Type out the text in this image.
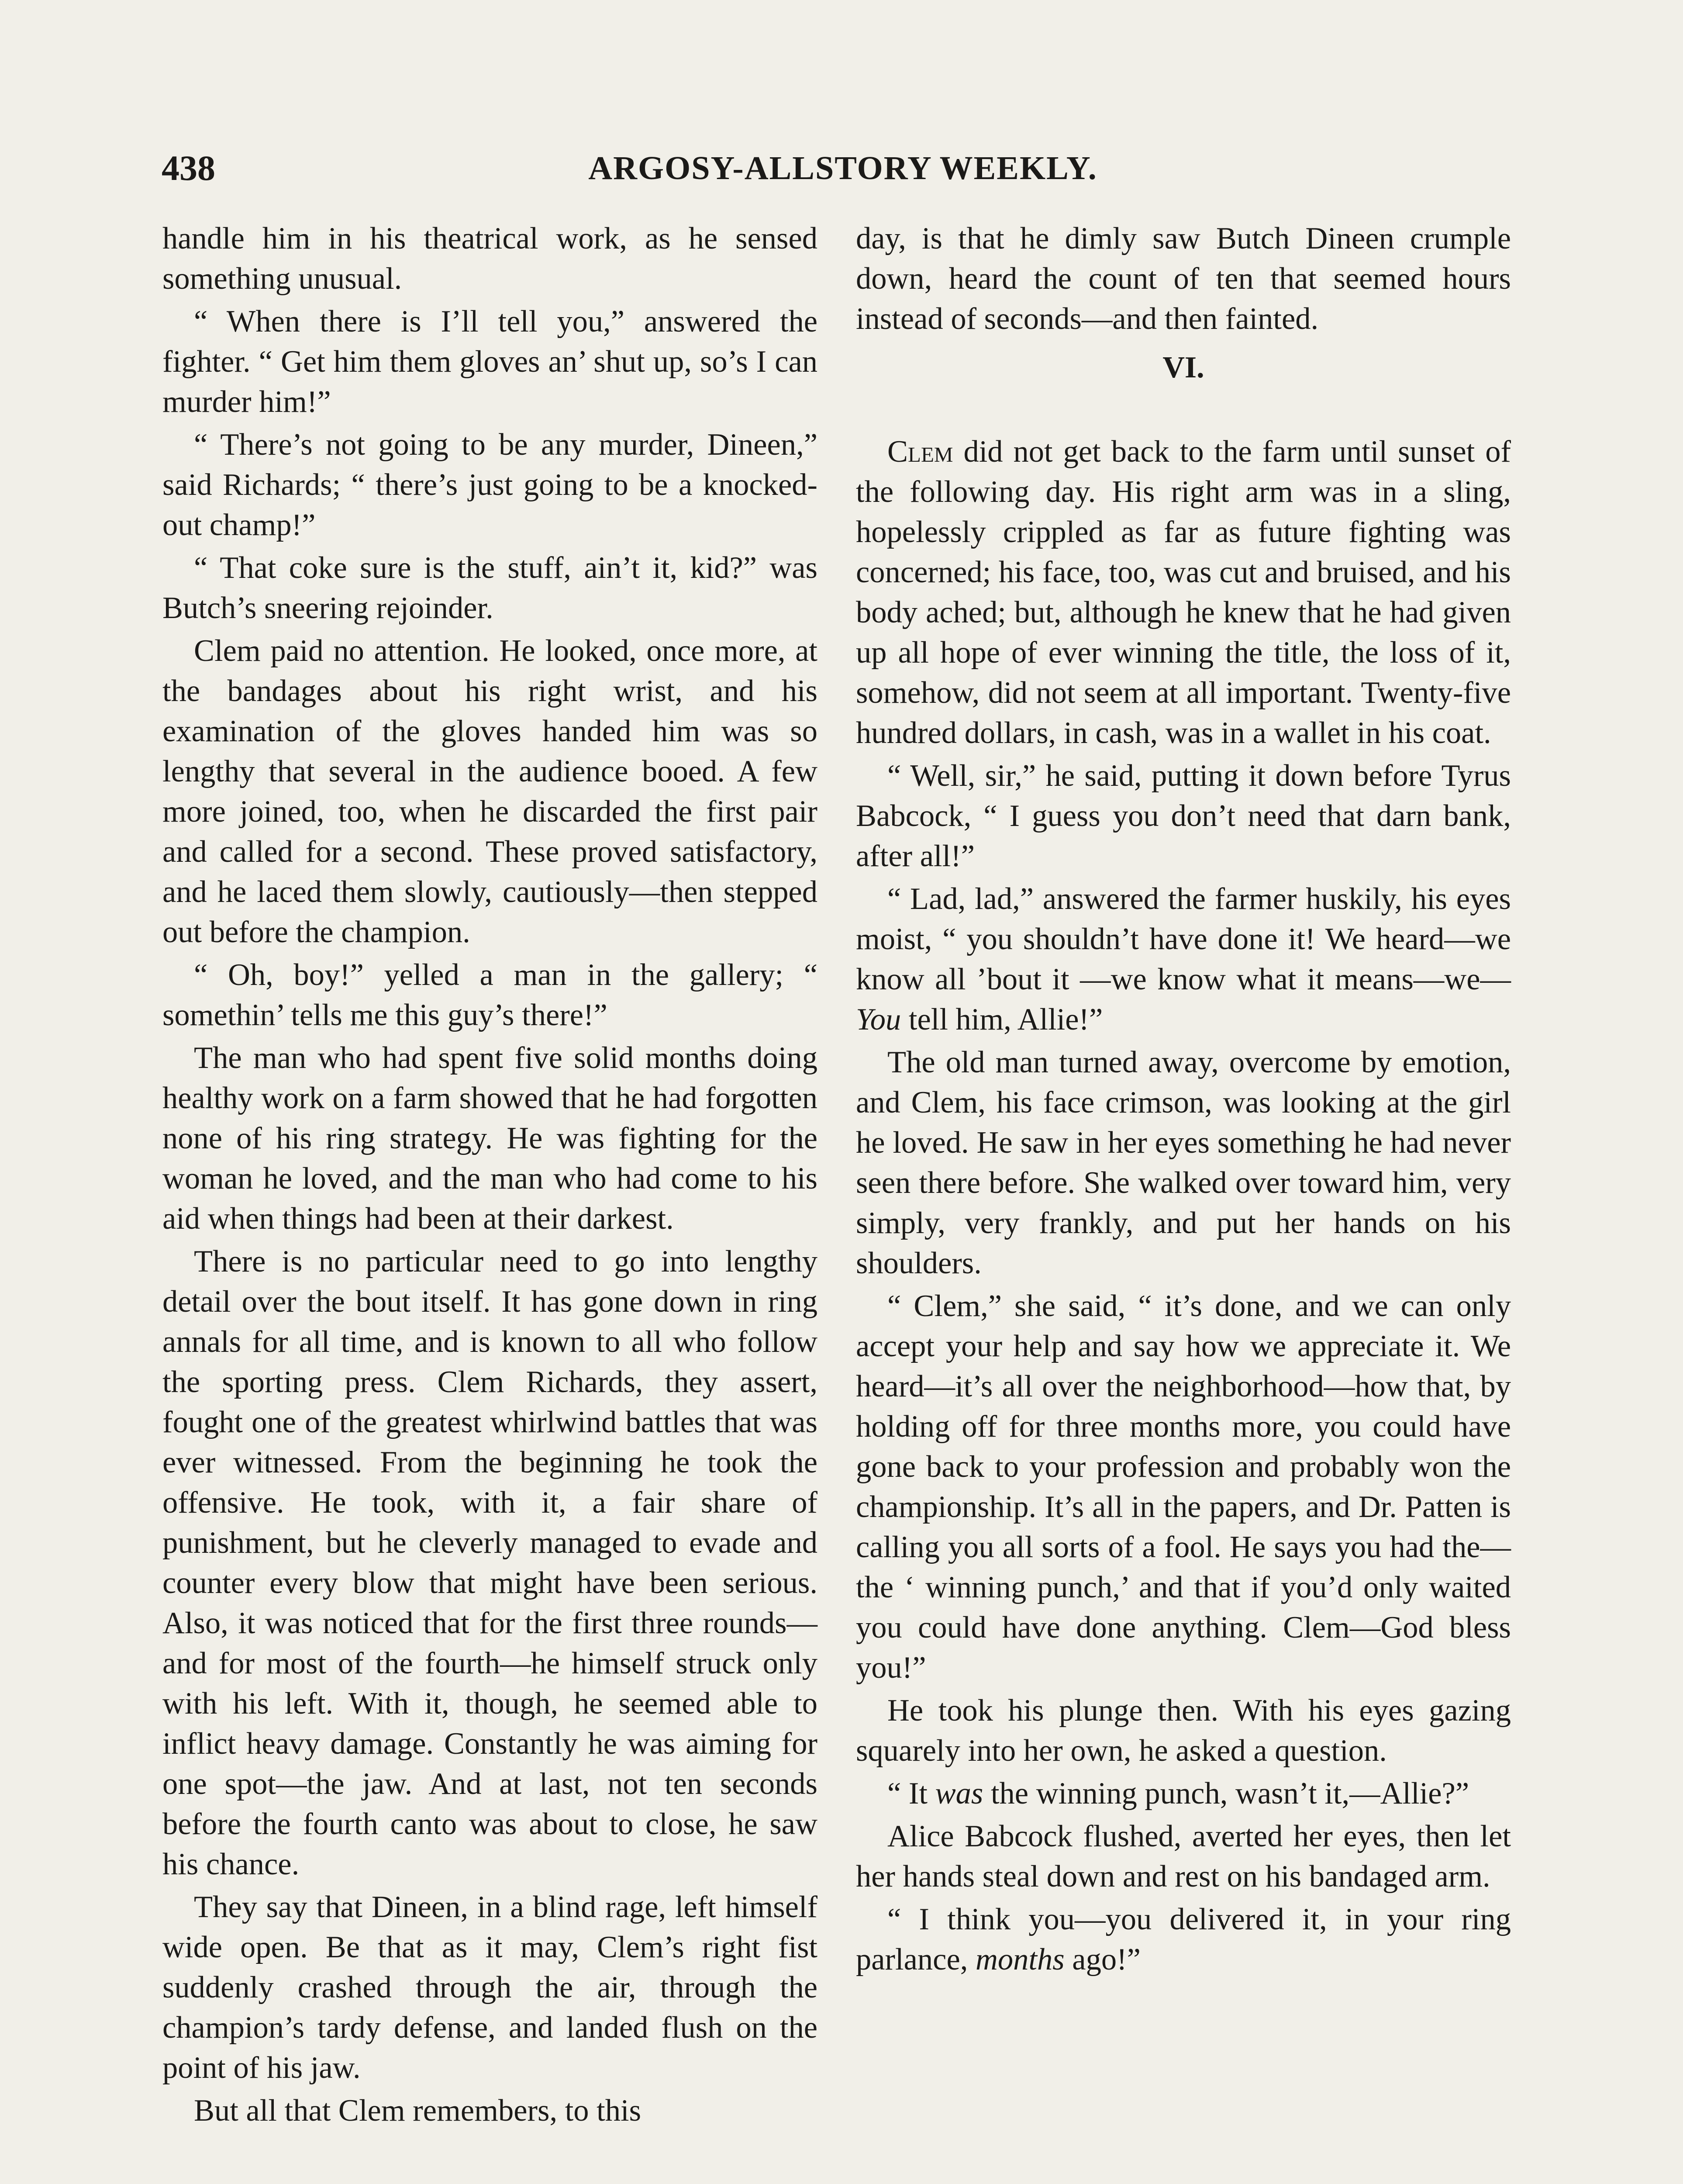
438	ARGOSY-ALLSTORY WEEKLY.

handle him in his theatrical work, as he sensed something unusual.

“ When there is I’ll tell you,” answered the fighter. “ Get him them gloves an’ shut up, so’s I can murder him!”

“ There’s not going to be any murder, Dineen,” said Richards; “ there’s just going to be a knocked-out champ!”

“ That coke sure is the stuff, ain’t it, kid?” was Butch’s sneering rejoinder.

Clem paid no attention. He looked, once more, at the bandages about his right wrist, and his examination of the gloves handed him was so lengthy that several in the audience booed. A few more joined, too, when he discarded the first pair and called for a second. These proved satisfactory, and he laced them slowly, cautiously—then stepped out before the champion.

“ Oh, boy!” yelled a man in the gallery; “ somethin’ tells me this guy’s there!”

The man who had spent five solid months doing healthy work on a farm showed that he had forgotten none of his ring strategy. He was fighting for the woman he loved, and the man who had come to his aid when things had been at their darkest.

There is no particular need to go into lengthy detail over the bout itself. It has gone down in ring annals for all time, and is known to all who follow the sporting press. Clem Richards, they assert, fought one of the greatest whirlwind battles that was ever witnessed. From the beginning he took the offensive. He took, with it, a fair share of punishment, but he cleverly managed to evade and counter every blow that might have been serious. Also, it was noticed that for the first three rounds—and for most of the fourth—he himself struck only with his left. With it, though, he seemed able to inflict heavy damage. Constantly he was aiming for one spot—the jaw. And at last, not ten seconds before the fourth canto was about to close, he saw his chance.

They say that Dineen, in a blind rage, left himself wide open. Be that as it may, Clem’s right fist suddenly crashed through the air, through the champion’s tardy defense, and landed flush on the point of his jaw.

But all that Clem remembers, to this

day, is that he dimly saw Butch Dineen crumple down, heard the count of ten that seemed hours instead of seconds—and then fainted.

VI.

Clem did not get back to the farm until sunset of the following day. His right arm was in a sling, hopelessly crippled as far as future fighting was concerned; his face, too, was cut and bruised, and his body ached; but, although he knew that he had given up all hope of ever winning the title, the loss of it, somehow, did not seem at all important. Twenty-five hundred dollars, in cash, was in a wallet in his coat.

“ Well, sir,” he said, putting it down before Tyrus Babcock, “ I guess you don’t need that darn bank, after all!”

“ Lad, lad,” answered the farmer huskily, his eyes moist, “ you shouldn’t have done it! We heard—we know all ’bout it —we know what it means—we— You tell him, Allie!”

The old man turned away, overcome by emotion, and Clem, his face crimson, was looking at the girl he loved. He saw in her eyes something he had never seen there before. She walked over toward him, very simply, very frankly, and put her hands on his shoulders.

“ Clem,” she said, “ it’s done, and we can only accept your help and say how we appreciate it. We heard—it’s all over the neighborhood—how that, by holding off for three months more, you could have gone back to your profession and probably won the championship. It’s all in the papers, and Dr. Patten is calling you all sorts of a fool. He says you had the—the ‘ winning punch,’ and that if you’d only waited you could have done anything. Clem—God bless you!”

He took his plunge then. With his eyes gazing squarely into her own, he asked a question.

“ It was the winning punch, wasn’t it,—Allie?”

Alice Babcock flushed, averted her eyes, then let her hands steal down and rest on his bandaged arm.

“ I think you—you delivered it, in your ring parlance, months ago!”
